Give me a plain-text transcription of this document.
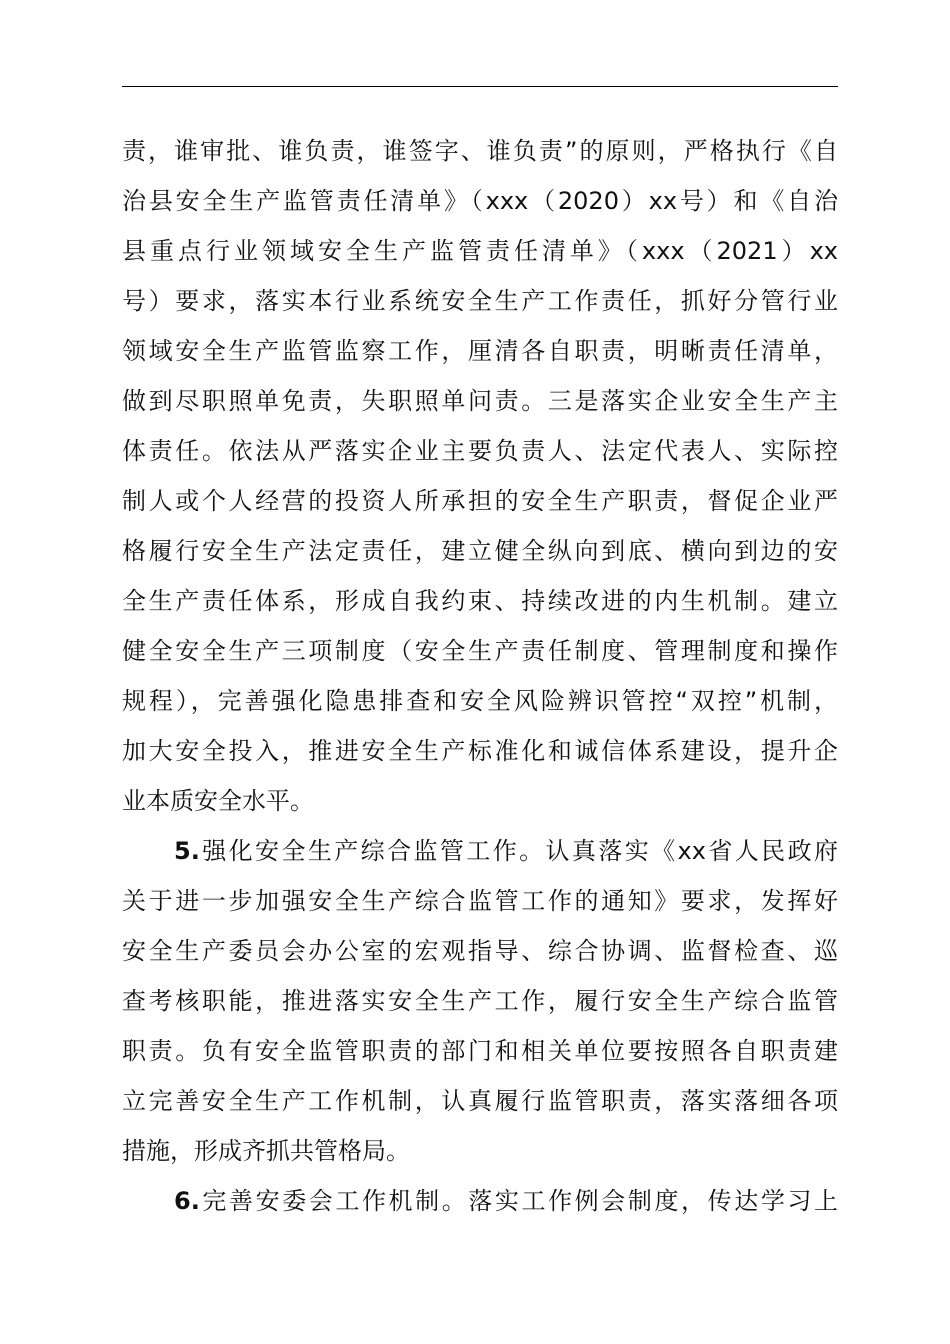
责，谁审批、谁负责，谁签字、谁负责”的原则，严格执行《自
治县安全生产监管责任清单》（xxx（2020）xx号）和《自治
县重点行业领域安全生产监管责任清单》（xxx（2021）xx
号）要求，落实本行业系统安全生产工作责任，抓好分管行业
领域安全生产监管监察工作，厘清各自职责，明晰责任清单，
做到尽职照单免责，失职照单问责。三是落实企业安全生产主
体责任。依法从严落实企业主要负责人、法定代表人、实际控
制人或个人经营的投资人所承担的安全生产职责，督促企业严
格履行安全生产法定责任，建立健全纵向到底、横向到边的安
全生产责任体系，形成自我约束、持续改进的内生机制。建立
健全安全生产三项制度（安全生产责任制度、管理制度和操作
规程），完善强化隐患排查和安全风险辨识管控“双控”机制，
加大安全投入，推进安全生产标准化和诚信体系建设，提升企
业本质安全水平。
5.强化安全生产综合监管工作。认真落实《xx省人民政府
关于进一步加强安全生产综合监管工作的通知》要求，发挥好
安全生产委员会办公室的宏观指导、综合协调、监督检查、巡
查考核职能，推进落实安全生产工作，履行安全生产综合监管
职责。负有安全监管职责的部门和相关单位要按照各自职责建
立完善安全生产工作机制，认真履行监管职责，落实落细各项
措施，形成齐抓共管格局。
6.完善安委会工作机制。落实工作例会制度，传达学习上
